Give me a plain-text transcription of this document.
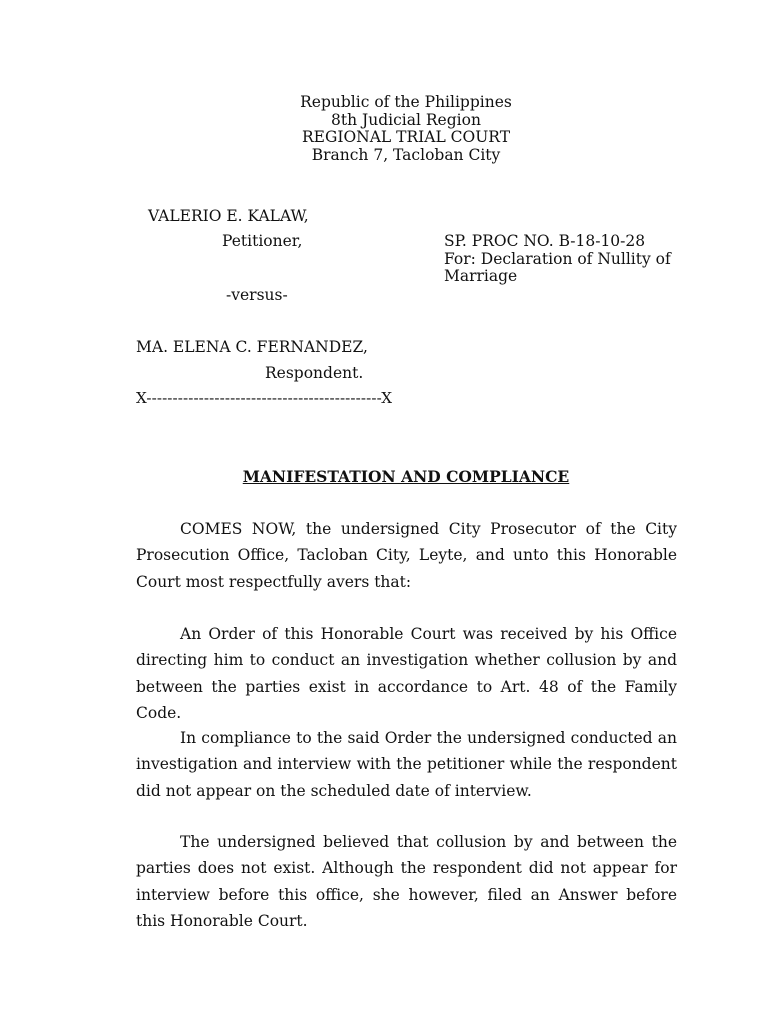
Republic of the Philippines
8th Judicial Region
REGIONAL TRIAL COURT
Branch 7, Tacloban City
VALERIO E. KALAW,
Petitioner,	SP. PROC NO. B-18-10-28
For: Declaration of Nullity of
Marriage
-versus-
MA. ELENA C. FERNANDEZ,
Respondent.
X---------------------------------------------X
MANIFESTATION AND COMPLIANCE
COMES NOW, the undersigned City Prosecutor of the City Prosecution Office, Tacloban City, Leyte, and unto this Honorable Court most respectfully avers that:
An Order of this Honorable Court was received by his Office directing him to conduct an investigation whether collusion by and between the parties exist in accordance to Art. 48 of the Family Code.
In compliance to the said Order the undersigned conducted an investigation and interview with the petitioner while the respondent did not appear on the scheduled date of interview.
The undersigned believed that collusion by and between the parties does not exist. Although the respondent did not appear for interview before this office, she however, filed an Answer before this Honorable Court.
